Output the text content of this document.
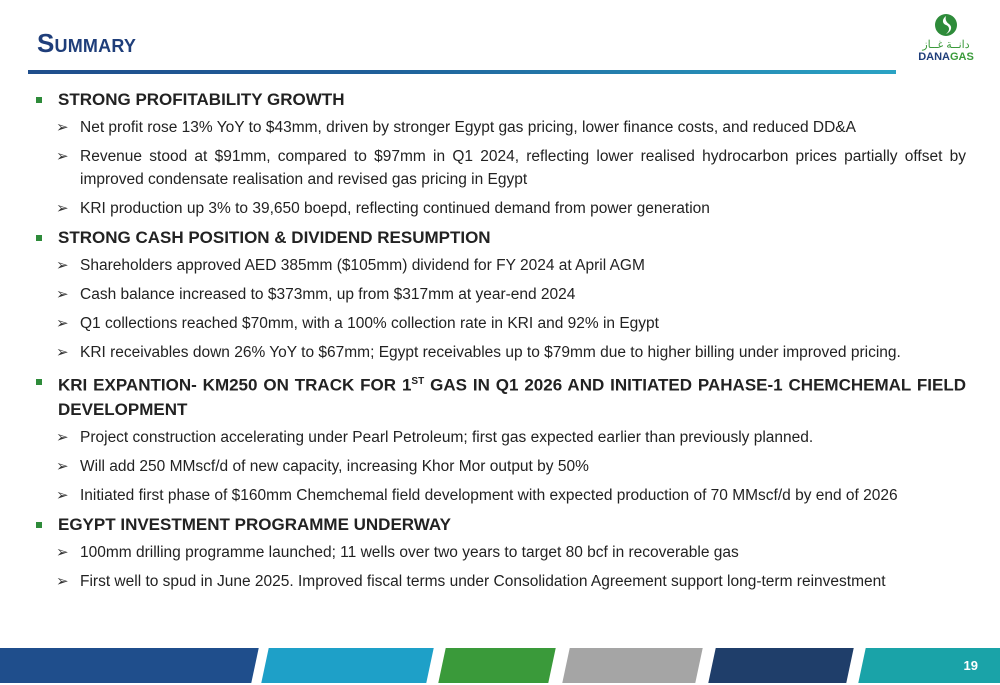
Summary	دانــة غــاز
DANAGAS
STRONG PROFITABILITY GROWTH
➢ Net profit rose 13% YoY to $43mm, driven by stronger Egypt gas pricing, lower finance costs, and reduced DD&A
➢ Revenue stood at $91mm, compared to $97mm in Q1 2024, reflecting lower realised hydrocarbon prices partially offset by improved condensate realisation and revised gas pricing in Egypt
➢ KRI production up 3% to 39,650 boepd, reflecting continued demand from power generation
STRONG CASH POSITION & DIVIDEND RESUMPTION
➢ Shareholders approved AED 385mm ($105mm) dividend for FY 2024 at April AGM
➢ Cash balance increased to $373mm, up from $317mm at year-end 2024
➢ Q1 collections reached $70mm, with a 100% collection rate in KRI and 92% in Egypt
➢ KRI receivables down 26% YoY to $67mm; Egypt receivables up to $79mm due to higher billing under improved pricing.
KRI EXPANTION- KM250 ON TRACK FOR 1ST GAS IN Q1 2026 AND INITIATED PAHASE-1 CHEMCHEMAL FIELD DEVELOPMENT
➢ Project construction accelerating under Pearl Petroleum; first gas expected earlier than previously planned.
➢ Will add 250 MMscf/d of new capacity, increasing Khor Mor output by 50%
➢ Initiated first phase of $160mm Chemchemal field development with expected production of 70 MMscf/d by end of 2026
EGYPT INVESTMENT PROGRAMME UNDERWAY
➢ 100mm drilling programme launched; 11 wells over two years to target 80 bcf in recoverable gas
➢ First well to spud in June 2025. Improved fiscal terms under Consolidation Agreement support long-term reinvestment
19
